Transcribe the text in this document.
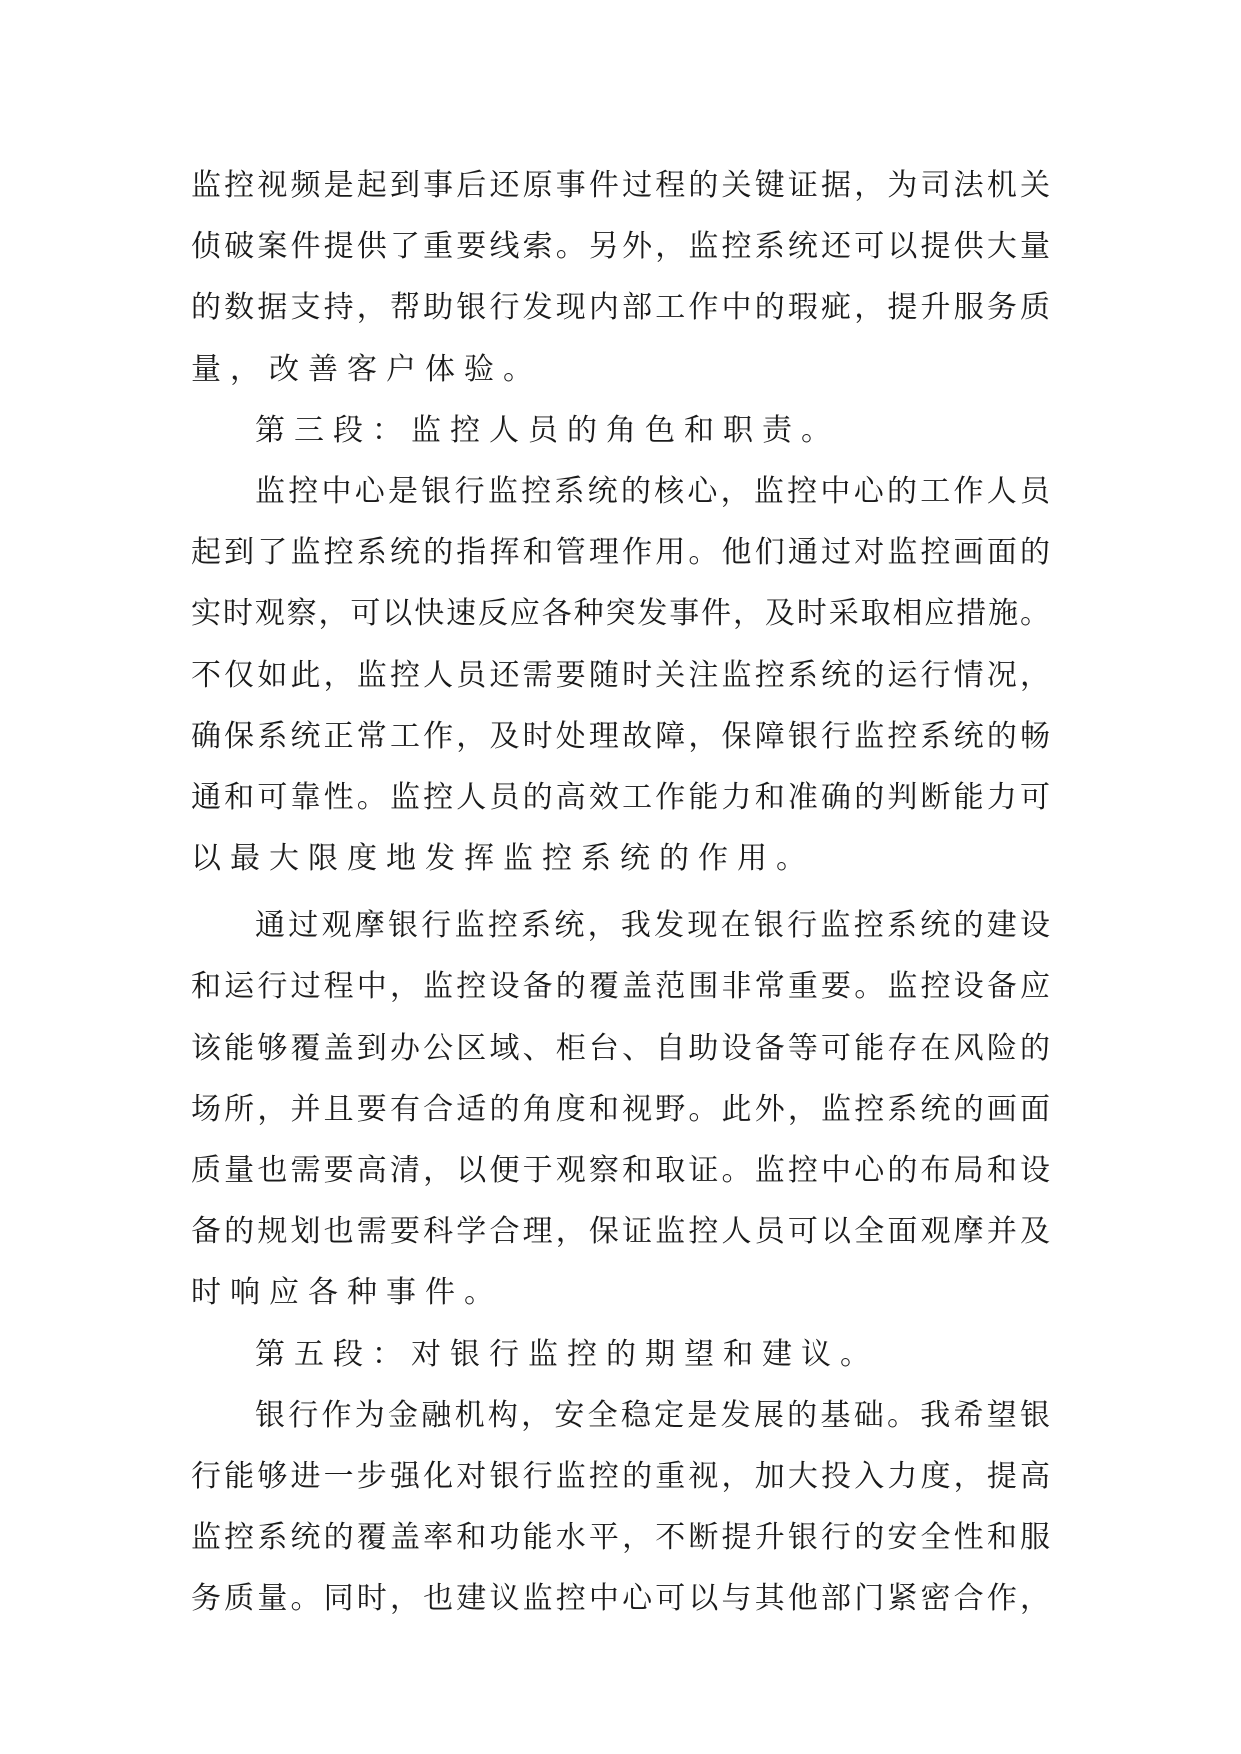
监控视频是起到事后还原事件过程的关键证据，为司法机关
侦破案件提供了重要线索。另外，监控系统还可以提供大量
的数据支持，帮助银行发现内部工作中的瑕疵，提升服务质
量，改善客户体验。
第三段：监控人员的角色和职责。
监控中心是银行监控系统的核心，监控中心的工作人员
起到了监控系统的指挥和管理作用。他们通过对监控画面的
实时观察，可以快速反应各种突发事件，及时采取相应措施。
不仅如此，监控人员还需要随时关注监控系统的运行情况，
确保系统正常工作，及时处理故障，保障银行监控系统的畅
通和可靠性。监控人员的高效工作能力和准确的判断能力可
以最大限度地发挥监控系统的作用。
通过观摩银行监控系统，我发现在银行监控系统的建设
和运行过程中，监控设备的覆盖范围非常重要。监控设备应
该能够覆盖到办公区域、柜台、自助设备等可能存在风险的
场所，并且要有合适的角度和视野。此外，监控系统的画面
质量也需要高清，以便于观察和取证。监控中心的布局和设
备的规划也需要科学合理，保证监控人员可以全面观摩并及
时响应各种事件。
第五段：对银行监控的期望和建议。
银行作为金融机构，安全稳定是发展的基础。我希望银
行能够进一步强化对银行监控的重视，加大投入力度，提高
监控系统的覆盖率和功能水平，不断提升银行的安全性和服
务质量。同时，也建议监控中心可以与其他部门紧密合作，
